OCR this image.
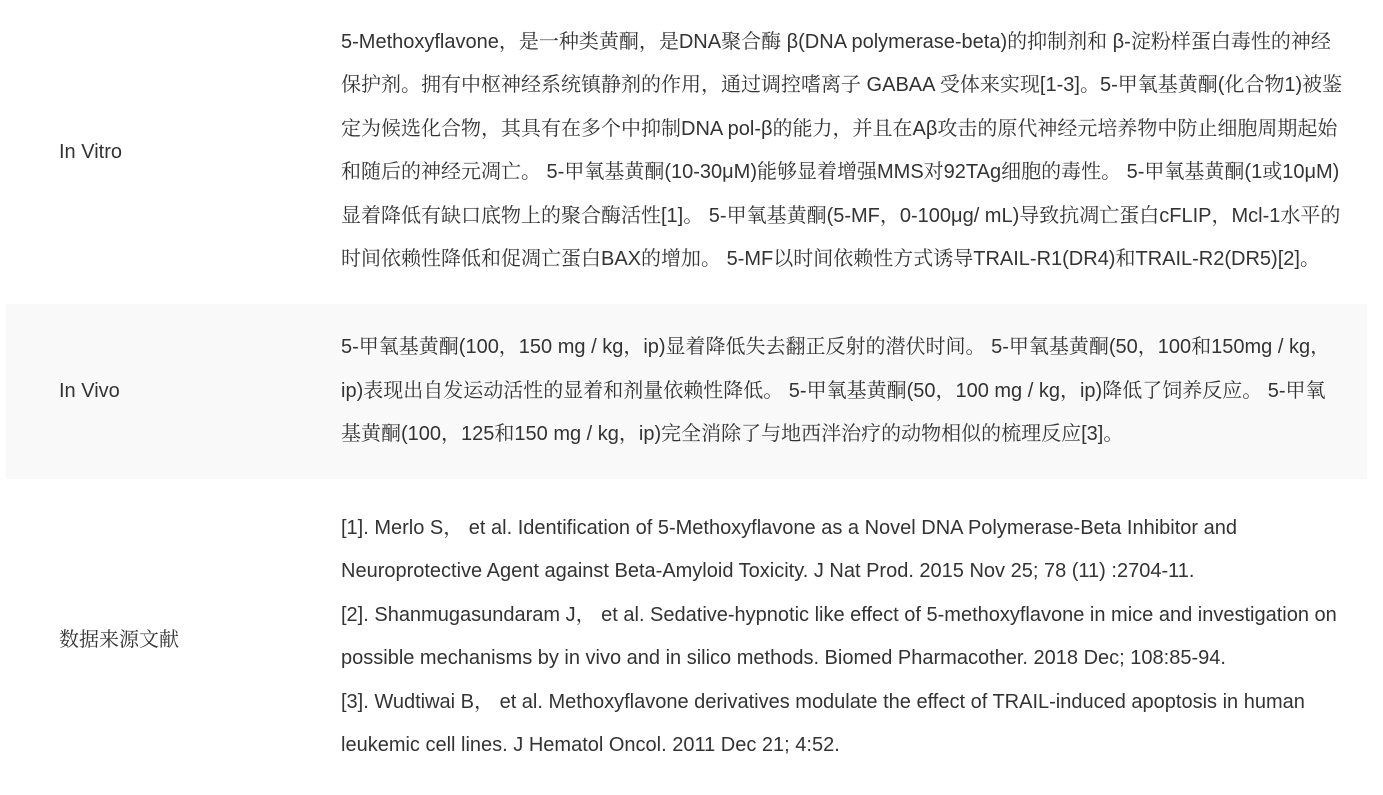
In Vitro	5-Methoxyflavone，是一种类黄酮，是DNA聚合酶 β(DNA polymerase-beta)的抑制剂和 β-淀粉样蛋白毒性的神经保护剂。拥有中枢神经系统镇静剂的作用，通过调控嗜离子 GABAA 受体来实现[1-3]。5-甲氧基黄酮(化合物1)被鉴定为候选化合物，其具有在多个中抑制DNA pol-β的能力，并且在Aβ攻击的原代神经元培养物中防止细胞周期起始和随后的神经元凋亡。 5-甲氧基黄酮(10-30μM)能够显着增强MMS对92TAg细胞的毒性。 5-甲氧基黄酮(1或10μM)显着降低有缺口底物上的聚合酶活性[1]。 5-甲氧基黄酮(5-MF，0-100μg/ mL)导致抗凋亡蛋白cFLIP，Mcl-1水平的时间依赖性降低和促凋亡蛋白BAX的增加。 5-MF以时间依赖性方式诱导TRAIL-R1(DR4)和TRAIL-R2(DR5)[2]。
In Vivo	5-甲氧基黄酮(100，150 mg / kg，ip)显着降低失去翻正反射的潜伏时间。 5-甲氧基黄酮(50，100和150mg / kg，ip)表现出自发运动活性的显着和剂量依赖性降低。 5-甲氧基黄酮(50，100 mg / kg，ip)降低了饲养反应。 5-甲氧基黄酮(100，125和150 mg / kg，ip)完全消除了与地西泮治疗的动物相似的梳理反应[3]。
数据来源文献	[1]. Merlo S， et al. Identification of 5-Methoxyflavone as a Novel DNA Polymerase-Beta Inhibitor and Neuroprotective Agent against Beta-Amyloid Toxicity. J Nat Prod. 2015 Nov 25; 78 (11) :2704-11.
[2]. Shanmugasundaram J， et al. Sedative-hypnotic like effect of 5-methoxyflavone in mice and investigation on possible mechanisms by in vivo and in silico methods. Biomed Pharmacother. 2018 Dec; 108:85-94.
[3]. Wudtiwai B， et al. Methoxyflavone derivatives modulate the effect of TRAIL-induced apoptosis in human leukemic cell lines. J Hematol Oncol. 2011 Dec 21; 4:52.
